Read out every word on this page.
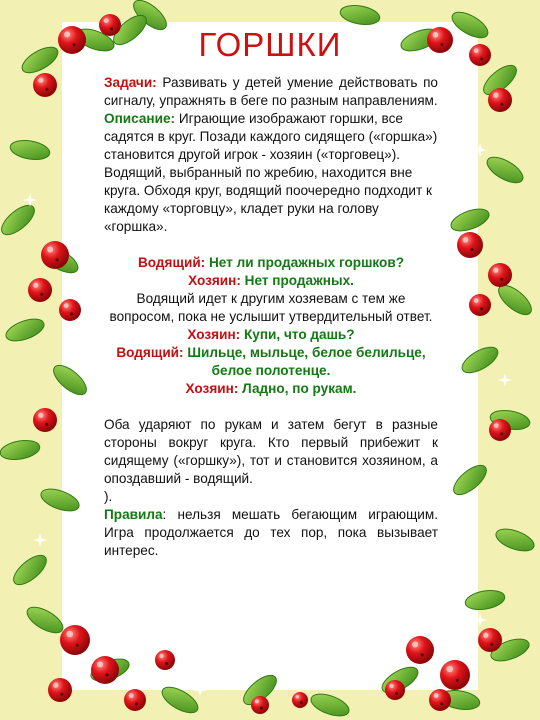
ГОРШКИ

Задачи: Развивать у детей умение действовать по сигналу, упражнять в беге по разным направлениям.

Описание: Играющие изображают горшки, все садятся в круг. Позади каждого сидящего («горшка») становится другой игрок - хозяин («торговец»). Водящий, выбранный по жребию, находится вне круга. Обходя круг, водящий поочередно подходит к каждому «торговцу», кладет руки на голову «горшка».

Водящий: Нет ли продажных горшков?

Хозяин: Нет продажных.

Водящий идет к другим хозяевам с тем же вопросом, пока не услышит утвердительный ответ.

Хозяин: Купи, что дашь?

Водящий: Шильце, мыльце, белое белильце, белое полотенце.

Хозяин: Ладно, по рукам.

Оба ударяют по рукам и затем бегут в разные стороны вокруг круга. Кто первый прибежит к сидящему («горшку»), тот и становится хозяином, а опоздавший - водящий.

).

Правила: нельзя мешать бегающим играющим. Игра продолжается до тех пор, пока вызывает интерес.
